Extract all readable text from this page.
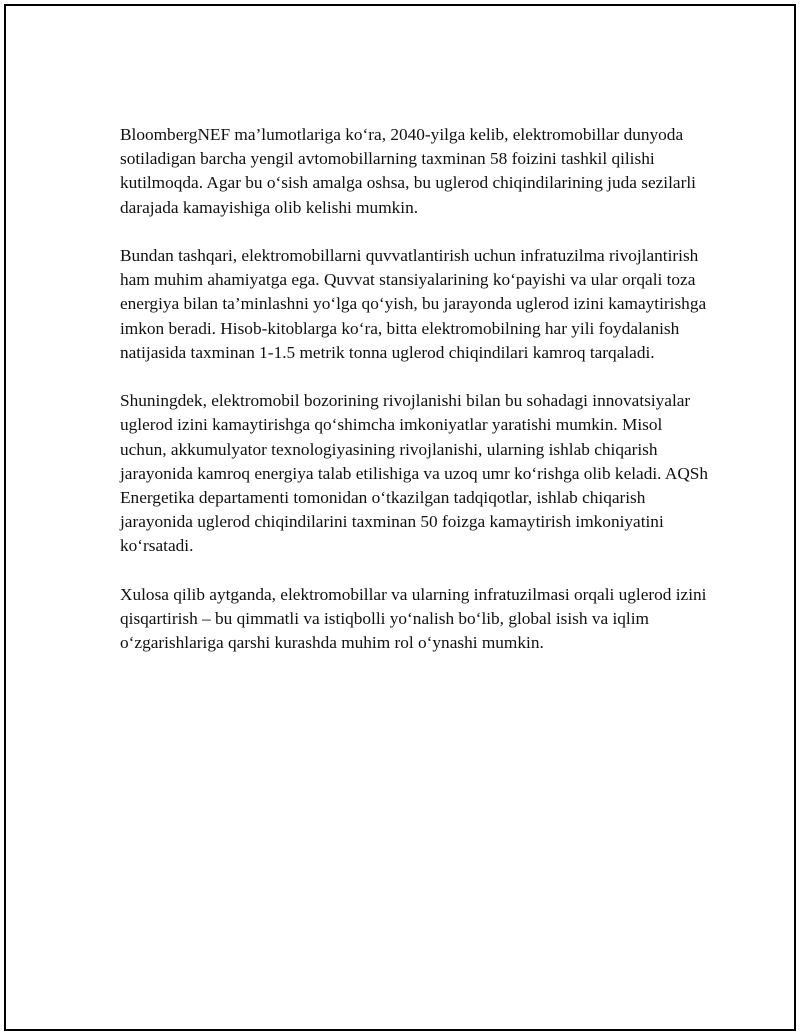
BloombergNEF ma’lumotlariga ko‘ra, 2040-yilga kelib, elektromobillar dunyoda sotiladigan barcha yengil avtomobillarning taxminan 58 foizini tashkil qilishi kutilmoqda. Agar bu o‘sish amalga oshsa, bu uglerod chiqindilarining juda sezilarli darajada kamayishiga olib kelishi mumkin.

Bundan tashqari, elektromobillarni quvvatlantirish uchun infratuzilma rivojlantirish ham muhim ahamiyatga ega. Quvvat stansiyalarining ko‘payishi va ular orqali toza energiya bilan ta’minlashni yo‘lga qo‘yish, bu jarayonda uglerod izini kamaytirishga imkon beradi. Hisob-kitoblarga ko‘ra, bitta elektromobilning har yili foydalanish natijasida taxminan 1-1.5 metrik tonna uglerod chiqindilari kamroq tarqaladi.

Shuningdek, elektromobil bozorining rivojlanishi bilan bu sohadagi innovatsiyalar uglerod izini kamaytirishga qo‘shimcha imkoniyatlar yaratishi mumkin. Misol uchun, akkumulyator texnologiyasining rivojlanishi, ularning ishlab chiqarish jarayonida kamroq energiya talab etilishiga va uzoq umr ko‘rishga olib keladi. AQSh Energetika departamenti tomonidan o‘tkazilgan tadqiqotlar, ishlab chiqarish jarayonida uglerod chiqindilarini taxminan 50 foizga kamaytirish imkoniyatini ko‘rsatadi.

Xulosa qilib aytganda, elektromobillar va ularning infratuzilmasi orqali uglerod izini qisqartirish – bu qimmatli va istiqbolli yo‘nalish bo‘lib, global isish va iqlim o‘zgarishlariga qarshi kurashda muhim rol o‘ynashi mumkin.
